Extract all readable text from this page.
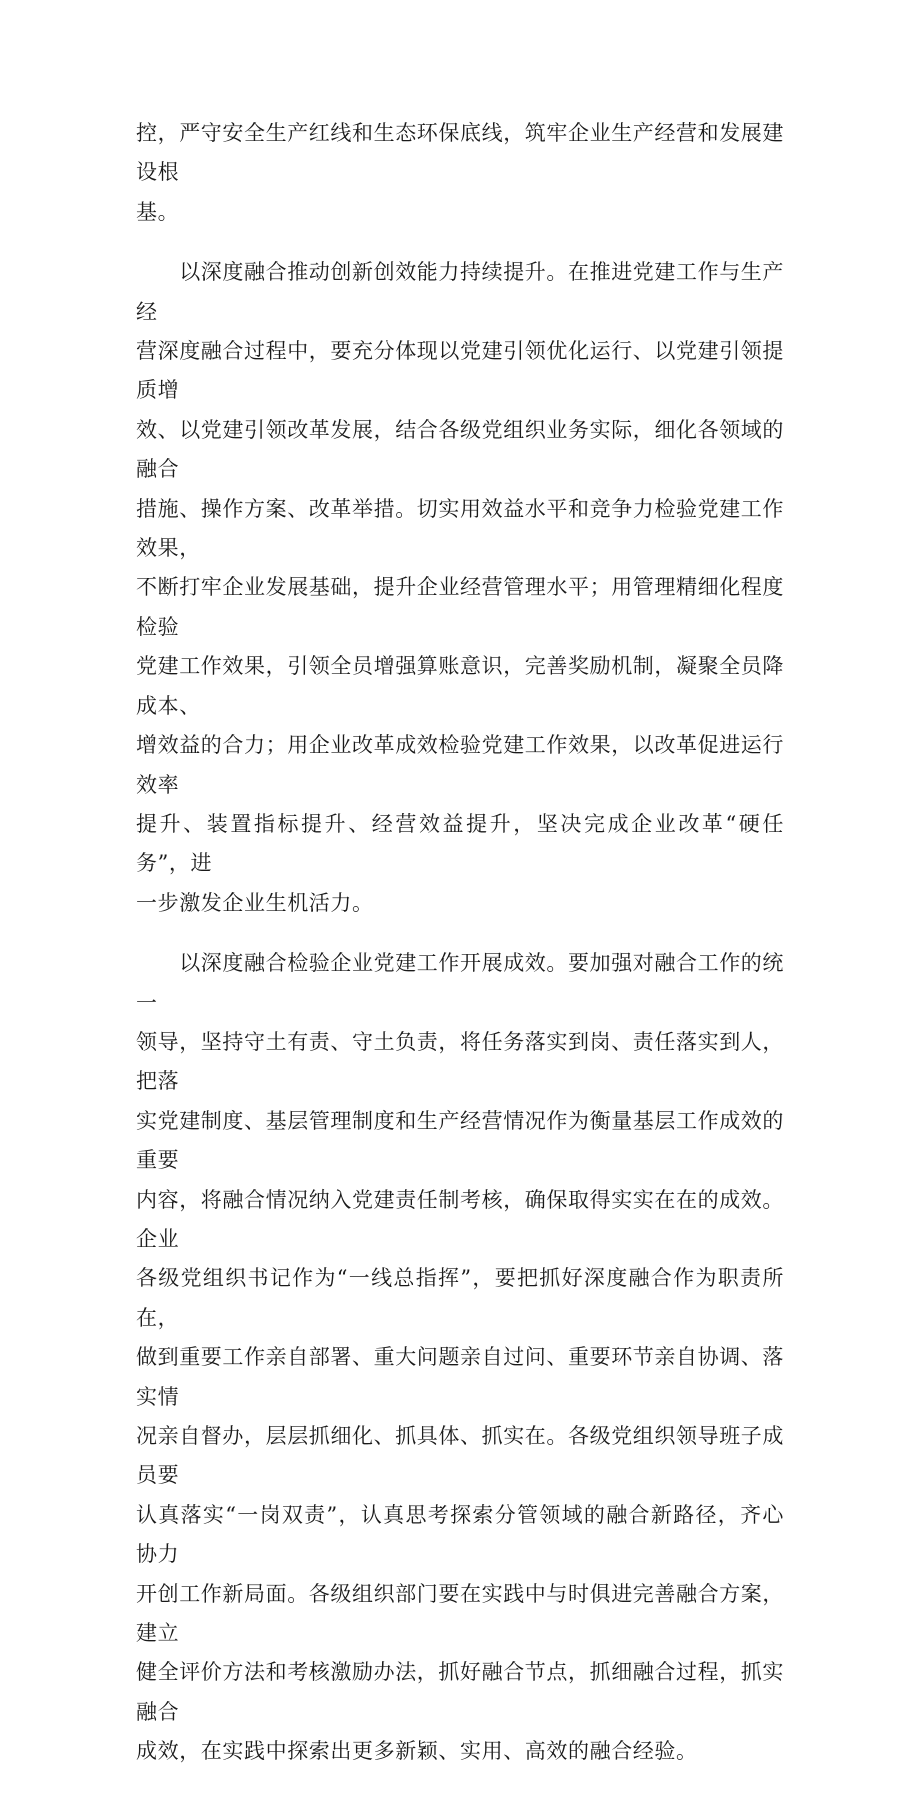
控，严守安全生产红线和生态环保底线，筑牢企业生产经营和发展建设根
基。

　　以深度融合推动创新创效能力持续提升。在推进党建工作与生产经
营深度融合过程中，要充分体现以党建引领优化运行、以党建引领提质增
效、以党建引领改革发展，结合各级党组织业务实际，细化各领域的融合
措施、操作方案、改革举措。切实用效益水平和竞争力检验党建工作效果，
不断打牢企业发展基础，提升企业经营管理水平；用管理精细化程度检验
党建工作效果，引领全员增强算账意识，完善奖励机制，凝聚全员降成本、
增效益的合力；用企业改革成效检验党建工作效果，以改革促进运行效率
提升、装置指标提升、经营效益提升，坚决完成企业改革“硬任务”，进
一步激发企业生机活力。

　　以深度融合检验企业党建工作开展成效。要加强对融合工作的统一
领导，坚持守土有责、守土负责，将任务落实到岗、责任落实到人，把落
实党建制度、基层管理制度和生产经营情况作为衡量基层工作成效的重要
内容，将融合情况纳入党建责任制考核，确保取得实实在在的成效。企业
各级党组织书记作为“一线总指挥”，要把抓好深度融合作为职责所在，
做到重要工作亲自部署、重大问题亲自过问、重要环节亲自协调、落实情
况亲自督办，层层抓细化、抓具体、抓实在。各级党组织领导班子成员要
认真落实“一岗双责”，认真思考探索分管领域的融合新路径，齐心协力
开创工作新局面。各级组织部门要在实践中与时俱进完善融合方案，建立
健全评价方法和考核激励办法，抓好融合节点，抓细融合过程，抓实融合
成效，在实践中探索出更多新颖、实用、高效的融合经验。
